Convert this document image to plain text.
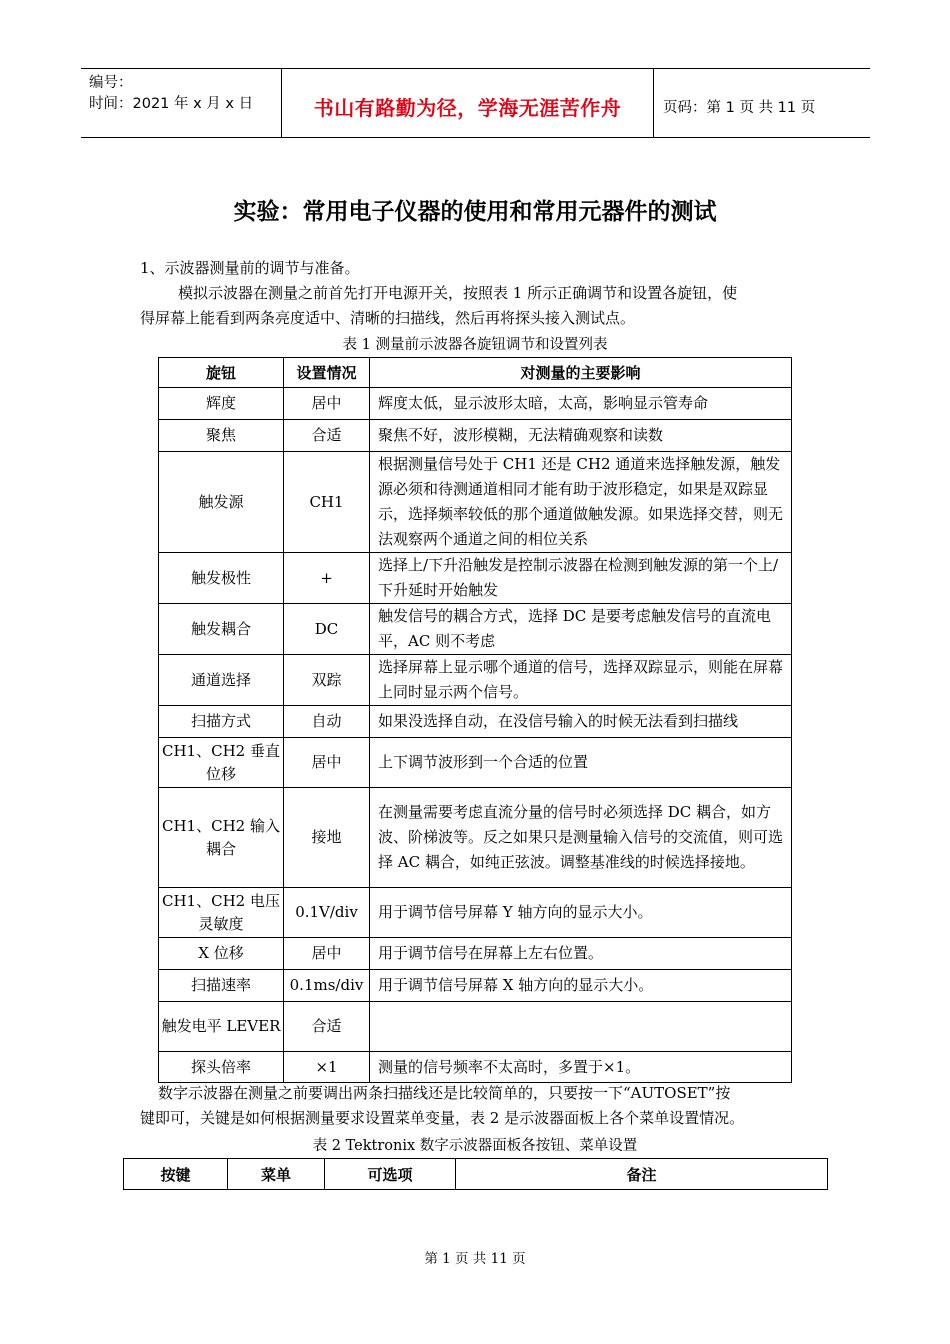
编号：
时间：2021 年 x 月 x 日	书山有路勤为径，学海无涯苦作舟	页码：第 1 页 共 11 页
实验：常用电子仪器的使用和常用元器件的测试

1、示波器测量前的调节与准备。

模拟示波器在测量之前首先打开电源开关，按照表 1 所示正确调节和设置各旋钮，使

得屏幕上能看到两条亮度适中、清晰的扫描线，然后再将探头接入测试点。

表 1 测量前示波器各旋钮调节和设置列表
旋钮	设置情况	对测量的主要影响
辉度	居中	辉度太低，显示波形太暗，太高，影响显示管寿命
聚焦	合适	聚焦不好，波形模糊，无法精确观察和读数
触发源	CH1	根据测量信号处于 CH1 还是 CH2 通道来选择触发源，触发源必须和待测通道相同才能有助于波形稳定，如果是双踪显示，选择频率较低的那个通道做触发源。如果选择交替，则无法观察两个通道之间的相位关系
触发极性	+	选择上/下升沿触发是控制示波器在检测到触发源的第一个上/下升延时开始触发
触发耦合	DC	触发信号的耦合方式，选择 DC 是要考虑触发信号的直流电平，AC 则不考虑
通道选择	双踪	选择屏幕上显示哪个通道的信号，选择双踪显示，则能在屏幕上同时显示两个信号。
扫描方式	自动	如果没选择自动，在没信号输入的时候无法看到扫描线
CH1、CH2 垂直位移	居中	上下调节波形到一个合适的位置
CH1、CH2 输入耦合	接地	在测量需要考虑直流分量的信号时必须选择 DC 耦合，如方波、阶梯波等。反之如果只是测量输入信号的交流值，则可选择 AC 耦合，如纯正弦波。调整基准线的时候选择接地。
CH1、CH2 电压灵敏度	0.1V/div	用于调节信号屏幕 Y 轴方向的显示大小。
X 位移	居中	用于调节信号在屏幕上左右位置。
扫描速率	0.1ms/div	用于调节信号屏幕 X 轴方向的显示大小。
触发电平 LEVER	合适	
探头倍率	×1	测量的信号频率不太高时，多置于×1。

数字示波器在测量之前要调出两条扫描线还是比较简单的，只要按一下“AUTOSET”按

键即可，关键是如何根据测量要求设置菜单变量，表 2 是示波器面板上各个菜单设置情况。

表 2 Tektronix 数字示波器面板各按钮、菜单设置
按键	菜单	可选项	备注
第 1 页 共 11 页
